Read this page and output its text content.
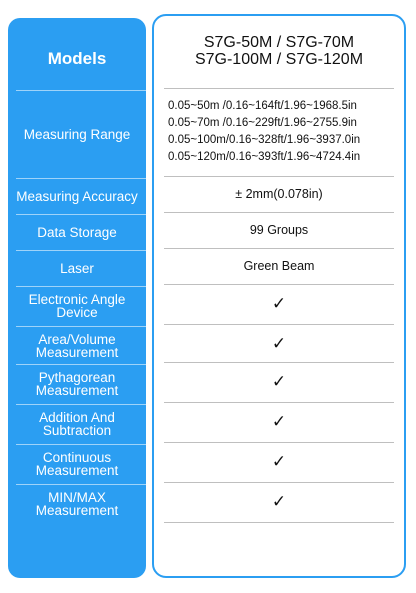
Models
Measuring Range
Measuring Accuracy
Data Storage
Laser
Electronic Angle Device
Area/Volume Measurement
Pythagorean Measurement
Addition And Subtraction
Continuous Measurement
MIN/MAX Measurement
S7G-50M / S7G-70M
S7G-100M / S7G-120M
0.05~50m /0.16~164ft/1.96~1968.5in
0.05~70m /0.16~229ft/1.96~2755.9in
0.05~100m/0.16~328ft/1.96~3937.0in
0.05~120m/0.16~393ft/1.96~4724.4in
± 2mm(0.078in)
99 Groups
Green Beam
✓
✓
✓
✓
✓
✓
